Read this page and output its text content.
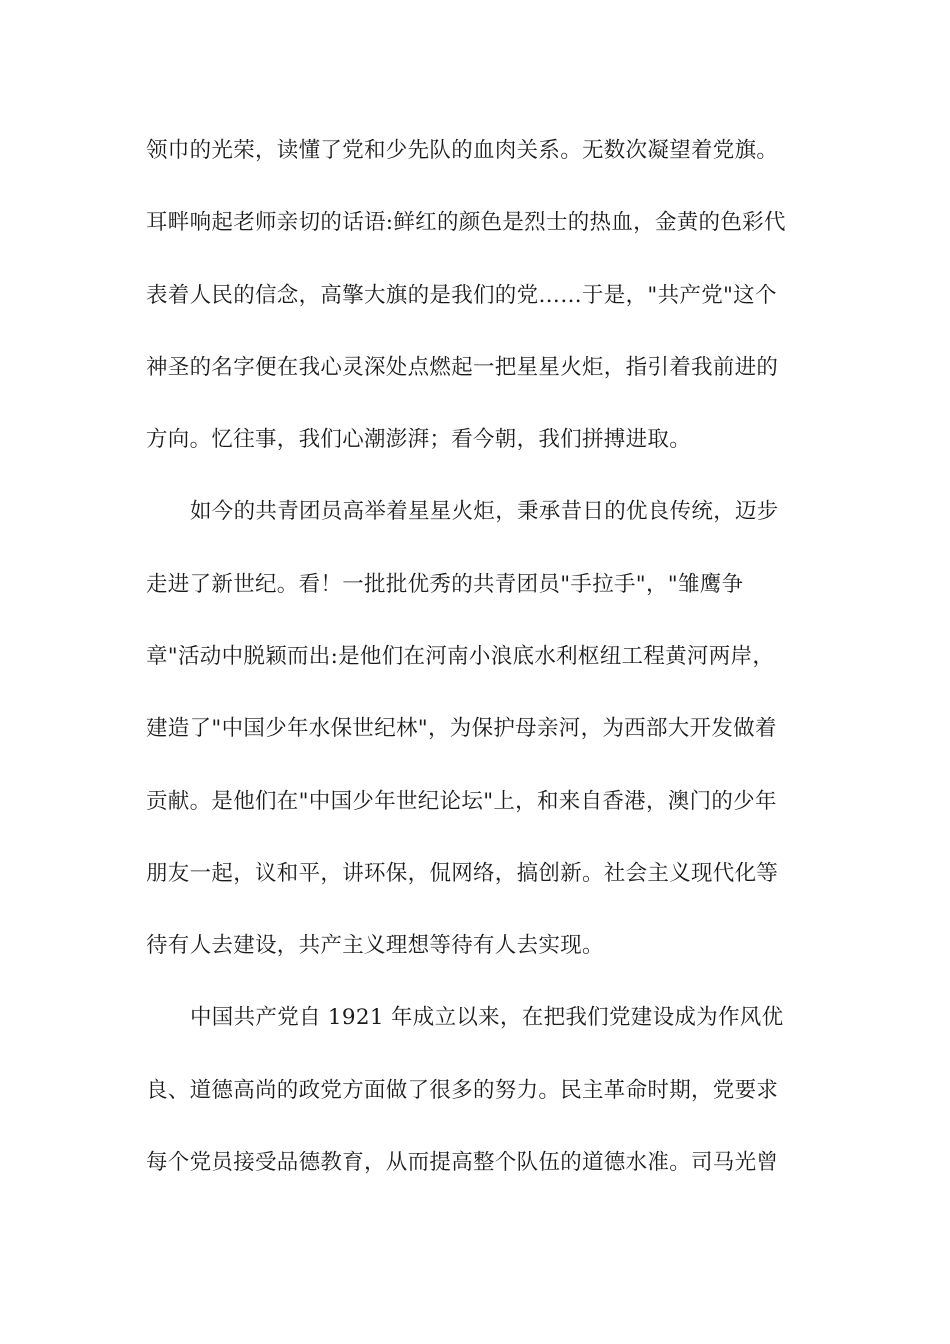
领巾的光荣，读懂了党和少先队的血肉关系。无数次凝望着党旗。
耳畔响起老师亲切的话语:鲜红的颜色是烈士的热血，金黄的色彩代
表着人民的信念，高擎大旗的是我们的党……于是，"共产党"这个
神圣的名字便在我心灵深处点燃起一把星星火炬，指引着我前进的
方向。忆往事，我们心潮澎湃；看今朝，我们拼搏进取。
如今的共青团员高举着星星火炬，秉承昔日的优良传统，迈步
走进了新世纪。看！一批批优秀的共青团员"手拉手"，"雏鹰争
章"活动中脱颖而出:是他们在河南小浪底水利枢纽工程黄河两岸，
建造了"中国少年水保世纪林"，为保护母亲河，为西部大开发做着
贡献。是他们在"中国少年世纪论坛"上，和来自香港，澳门的少年
朋友一起，议和平，讲环保，侃网络，搞创新。社会主义现代化等
待有人去建设，共产主义理想等待有人去实现。
中国共产党自 1921 年成立以来，在把我们党建设成为作风优
良、道德高尚的政党方面做了很多的努力。民主革命时期，党要求
每个党员接受品德教育，从而提高整个队伍的道德水准。司马光曾
